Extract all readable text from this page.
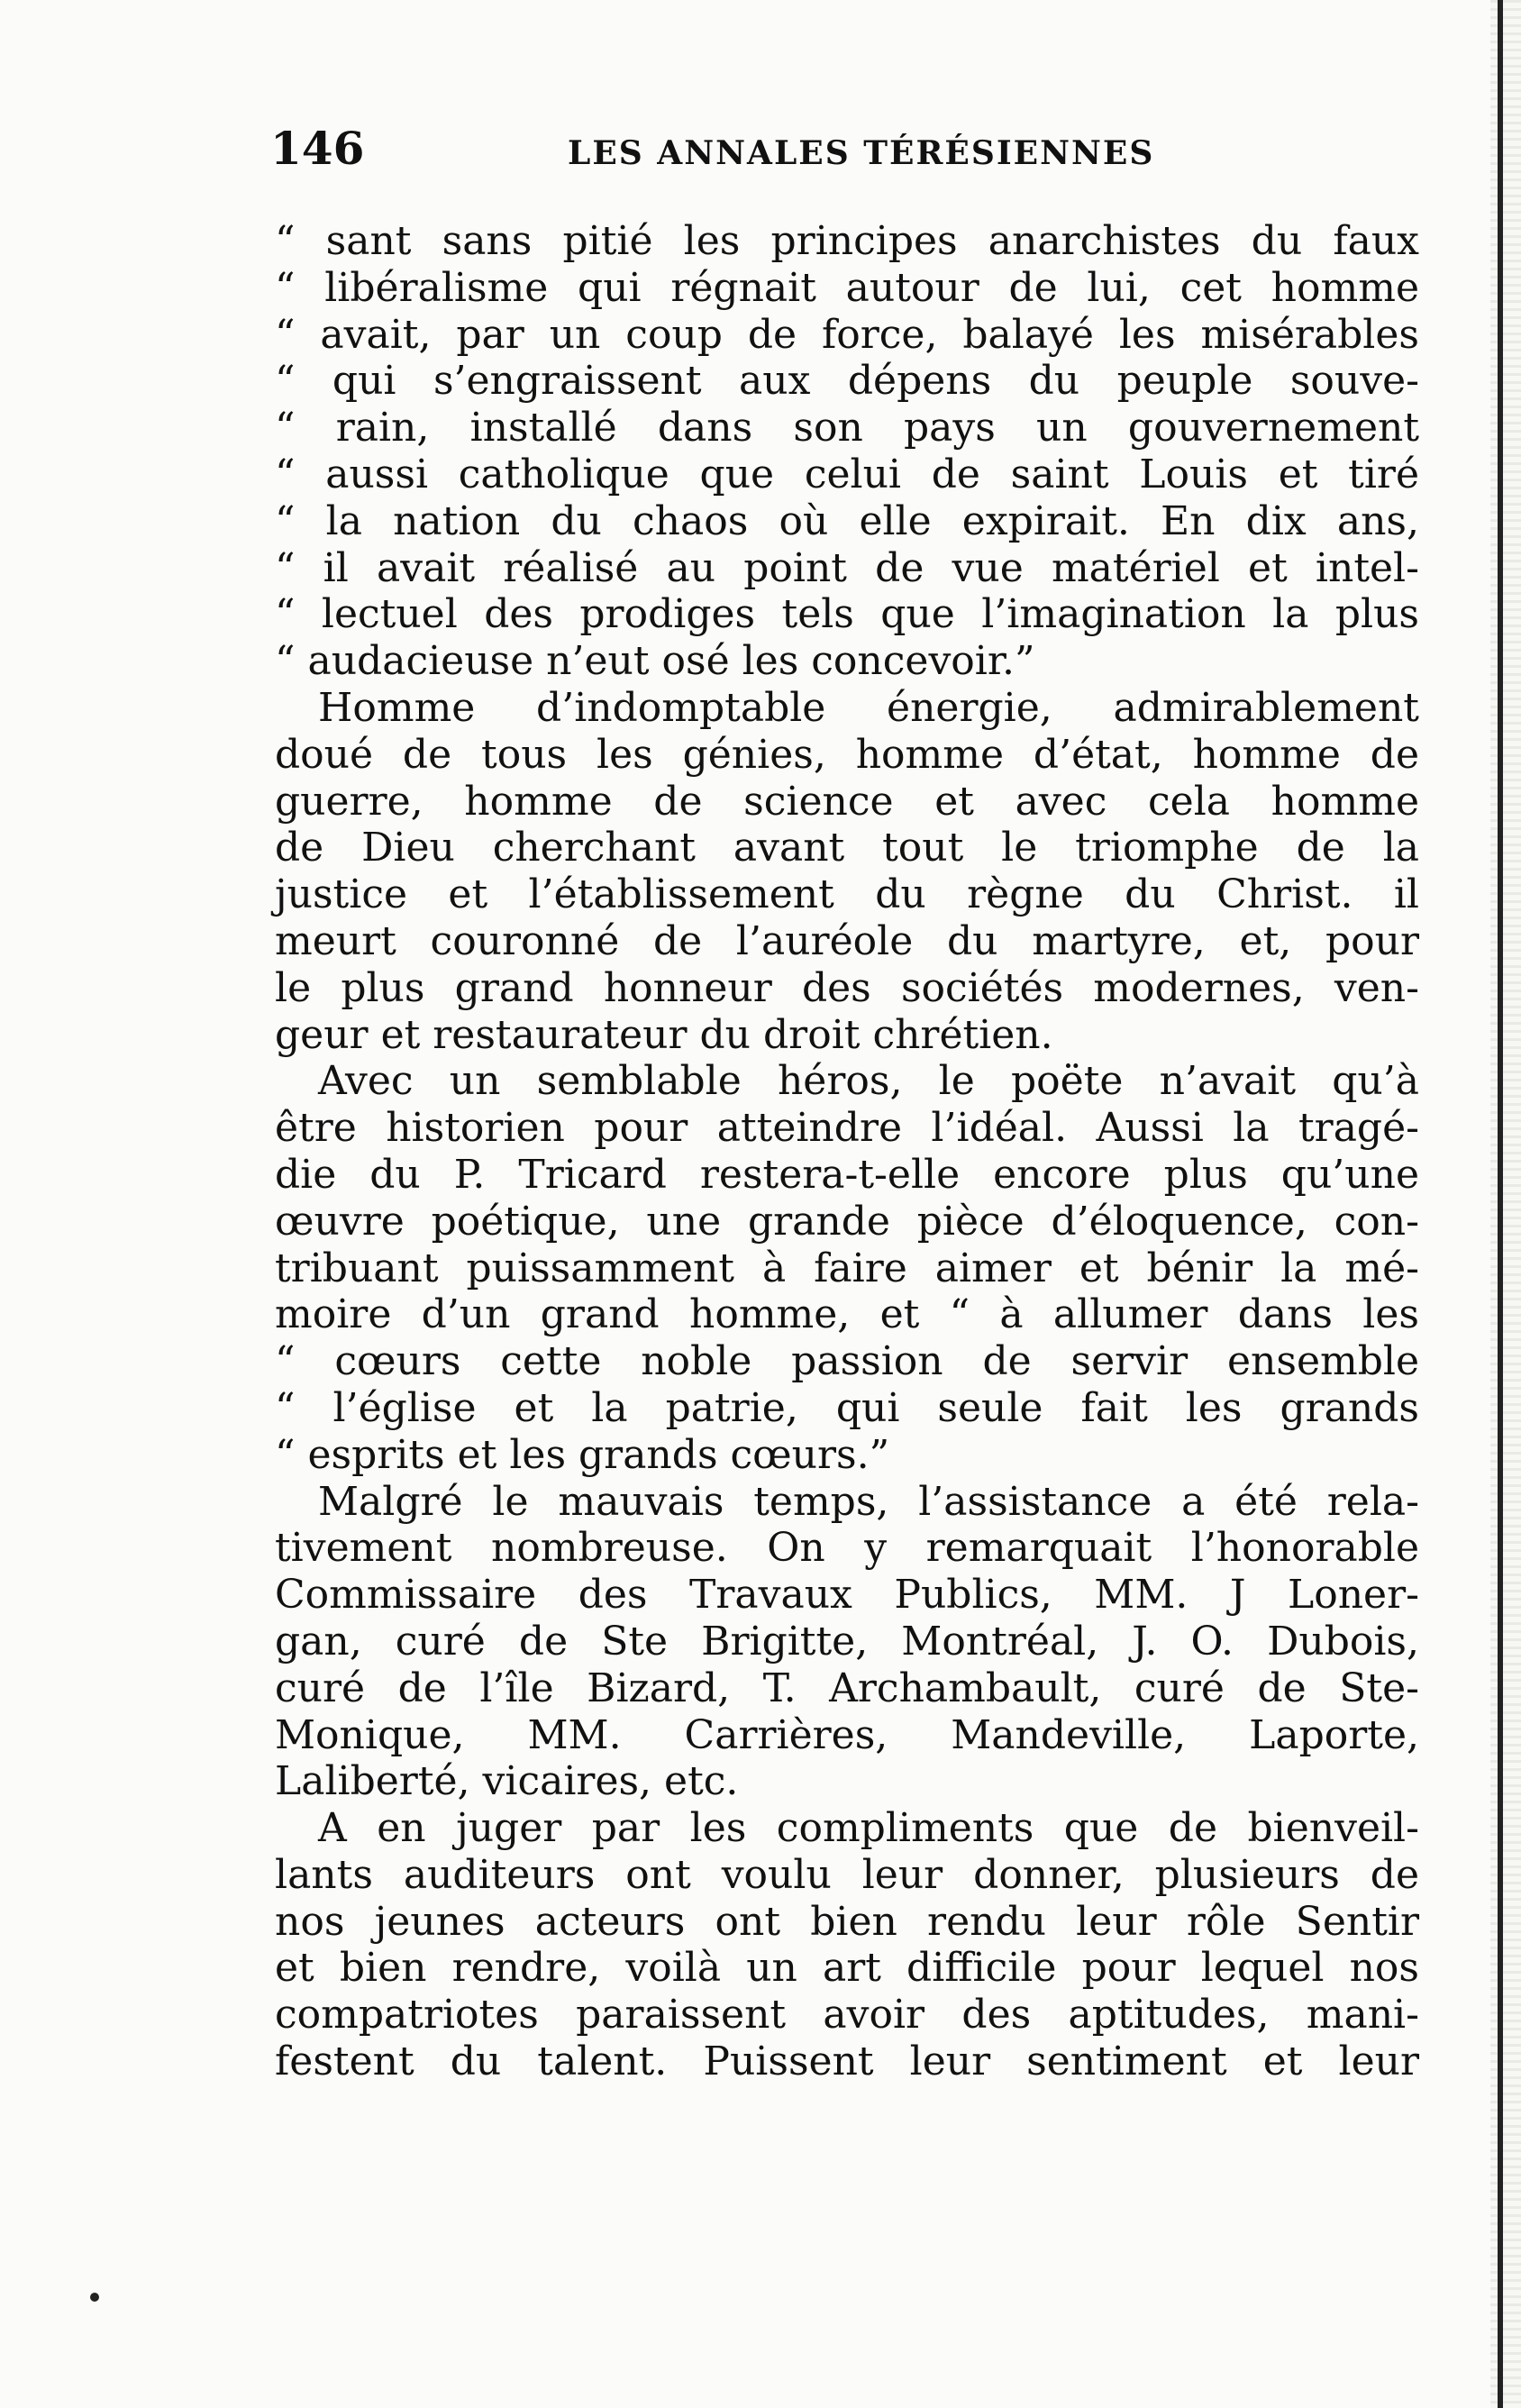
146	LES ANNALES TÉRÉSIENNES
“ sant sans pitié les principes anarchistes du faux
“ libéralisme qui régnait autour de lui, cet homme
“ avait, par un coup de force, balayé les misérables
“ qui s’engraissent aux dépens du peuple souve-
“ rain, installé dans son pays un gouvernement
“ aussi catholique que celui de saint Louis et tiré
“ la nation du chaos où elle expirait. En dix ans,
“ il avait réalisé au point de vue matériel et intel-
“ lectuel des prodiges tels que l’imagination la plus
“ audacieuse n’eut osé les concevoir.”
Homme d’indomptable énergie, admirablement
doué de tous les génies, homme d’état, homme de
guerre, homme de science et avec cela homme
de Dieu cherchant avant tout le triomphe de la
justice et l’établissement du règne du Christ. il
meurt couronné de l’auréole du martyre, et, pour
le plus grand honneur des sociétés modernes, ven-
geur et restaurateur du droit chrétien.
Avec un semblable héros, le poëte n’avait qu’à
être historien pour atteindre l’idéal. Aussi la tragé-
die du P. Tricard restera-t-elle encore plus qu’une
œuvre poétique, une grande pièce d’éloquence, con-
tribuant puissamment à faire aimer et bénir la mé-
moire d’un grand homme, et “ à allumer dans les
“ cœurs cette noble passion de servir ensemble
“ l’église et la patrie, qui seule fait les grands
“ esprits et les grands cœurs.”
Malgré le mauvais temps, l’assistance a été rela-
tivement nombreuse. On y remarquait l’honorable
Commissaire des Travaux Publics, MM. J Loner-
gan, curé de Ste Brigitte, Montréal, J. O. Dubois,
curé de l’île Bizard, T. Archambault, curé de Ste-
Monique, MM. Carrières, Mandeville, Laporte,
Laliberté, vicaires, etc.
A en juger par les compliments que de bienveil-
lants auditeurs ont voulu leur donner, plusieurs de
nos jeunes acteurs ont bien rendu leur rôle Sentir
et bien rendre, voilà un art difficile pour lequel nos
compatriotes paraissent avoir des aptitudes, mani-
festent du talent. Puissent leur sentiment et leur
